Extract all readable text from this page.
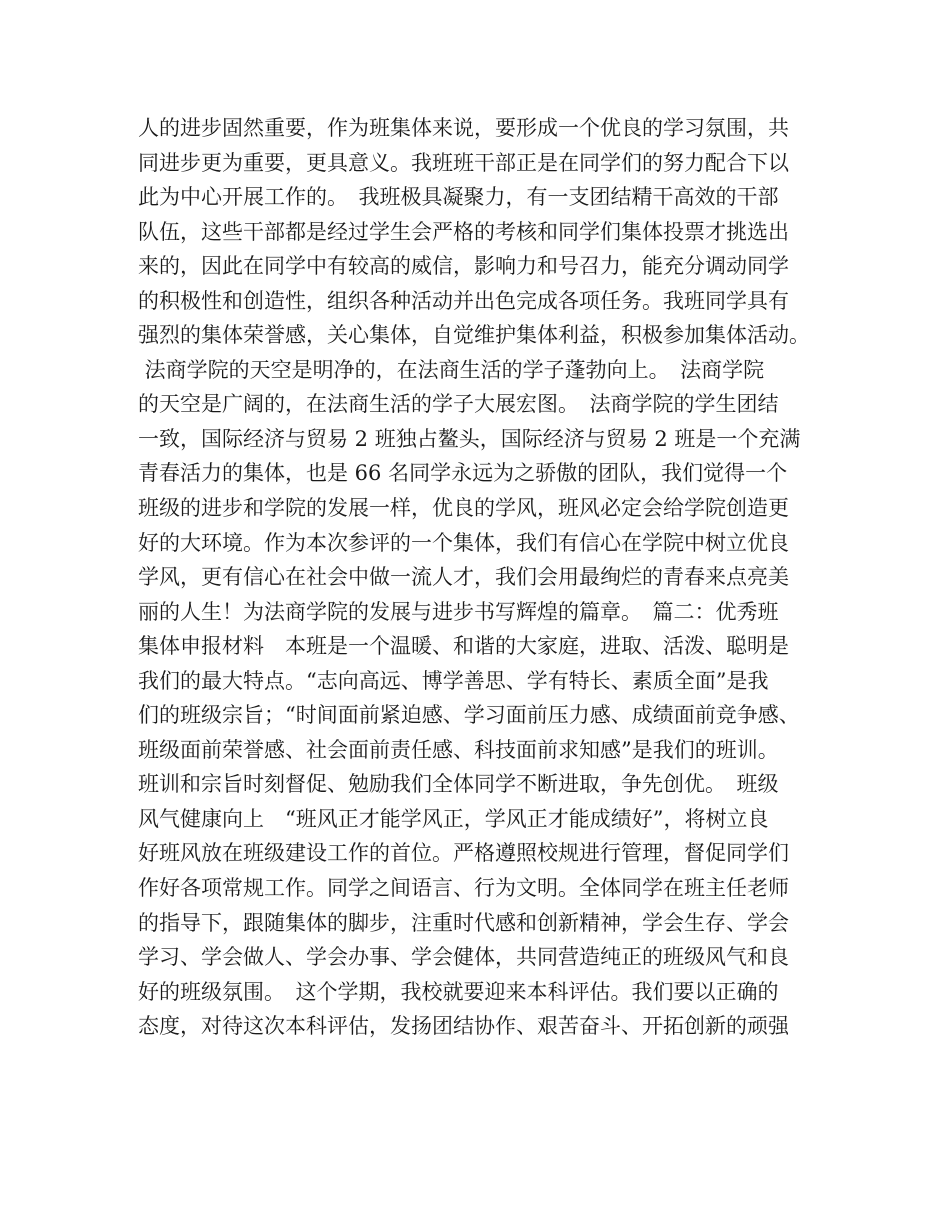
人的进步固然重要，作为班集体来说，要形成一个优良的学习氛围，共
同进步更为重要，更具意义。我班班干部正是在同学们的努力配合下以
此为中心开展工作的。　我班极具凝聚力，有一支团结精干高效的干部
队伍，这些干部都是经过学生会严格的考核和同学们集体投票才挑选出
来的，因此在同学中有较高的威信，影响力和号召力，能充分调动同学
的积极性和创造性，组织各种活动并出色完成各项任务。我班同学具有
强烈的集体荣誉感，关心集体，自觉维护集体利益，积极参加集体活动。
法商学院的天空是明净的，在法商生活的学子蓬勃向上。　法商学院
的天空是广阔的，在法商生活的学子大展宏图。　法商学院的学生团结
一致，国际经济与贸易 2 班独占鳌头，国际经济与贸易 2 班是一个充满
青春活力的集体，也是 66 名同学永远为之骄傲的团队，我们觉得一个
班级的进步和学院的发展一样，优良的学风，班风必定会给学院创造更
好的大环境。作为本次参评的一个集体，我们有信心在学院中树立优良
学风，更有信心在社会中做一流人才，我们会用最绚烂的青春来点亮美
丽的人生！为法商学院的发展与进步书写辉煌的篇章。　篇二：优秀班
集体申报材料　本班是一个温暖、和谐的大家庭，进取、活泼、聪明是
我们的最大特点。“志向高远、博学善思、学有特长、素质全面”是我
们的班级宗旨；“时间面前紧迫感、学习面前压力感、成绩面前竞争感、
班级面前荣誉感、社会面前责任感、科技面前求知感”是我们的班训。
班训和宗旨时刻督促、勉励我们全体同学不断进取，争先创优。　班级
风气健康向上　“班风正才能学风正，学风正才能成绩好”，将树立良
好班风放在班级建设工作的首位。严格遵照校规进行管理，督促同学们
作好各项常规工作。同学之间语言、行为文明。全体同学在班主任老师
的指导下，跟随集体的脚步，注重时代感和创新精神，学会生存、学会
学习、学会做人、学会办事、学会健体，共同营造纯正的班级风气和良
好的班级氛围。　这个学期，我校就要迎来本科评估。我们要以正确的
态度，对待这次本科评估，发扬团结协作、艰苦奋斗、开拓创新的顽强
